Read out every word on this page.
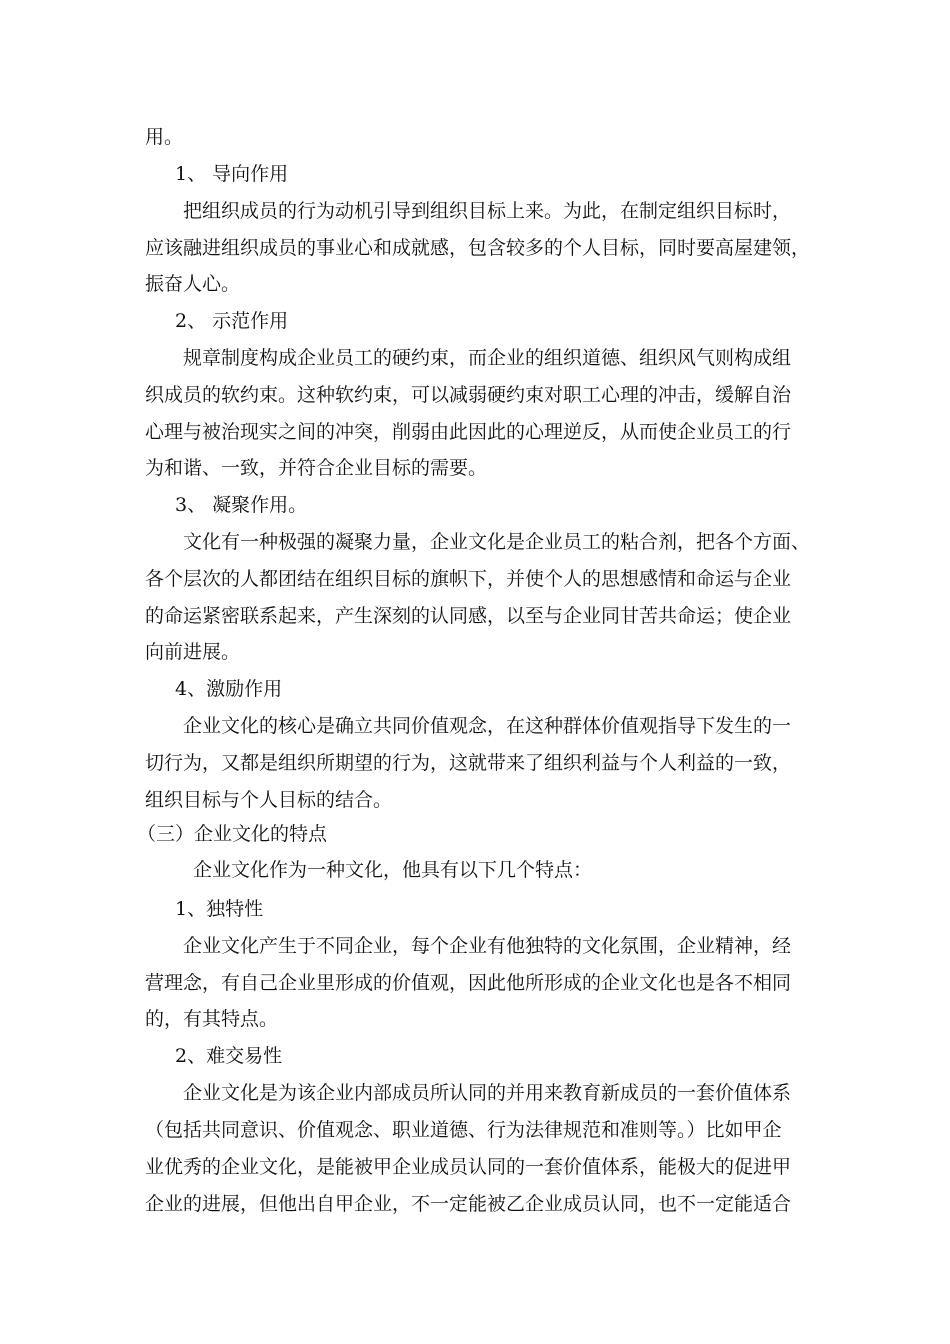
用。
1、 导向作用
把组织成员的行为动机引导到组织目标上来。为此，在制定组织目标时，
应该融进组织成员的事业心和成就感，包含较多的个人目标，同时要高屋建领，
振奋人心。
2、 示范作用
规章制度构成企业员工的硬约束，而企业的组织道德、组织风气则构成组
织成员的软约束。这种软约束，可以减弱硬约束对职工心理的冲击，缓解自治
心理与被治现实之间的冲突，削弱由此因此的心理逆反，从而使企业员工的行
为和谐、一致，并符合企业目标的需要。
3、 凝聚作用。
文化有一种极强的凝聚力量，企业文化是企业员工的粘合剂，把各个方面、
各个层次的人都团结在组织目标的旗帜下，并使个人的思想感情和命运与企业
的命运紧密联系起来，产生深刻的认同感，以至与企业同甘苦共命运；使企业
向前进展。
4、激励作用
企业文化的核心是确立共同价值观念，在这种群体价值观指导下发生的一
切行为，又都是组织所期望的行为，这就带来了组织利益与个人利益的一致，
组织目标与个人目标的结合。
（三）企业文化的特点
企业文化作为一种文化，他具有以下几个特点：
1、独特性
企业文化产生于不同企业，每个企业有他独特的文化氛围，企业精神，经
营理念，有自己企业里形成的价值观，因此他所形成的企业文化也是各不相同
的，有其特点。
2、难交易性
企业文化是为该企业内部成员所认同的并用来教育新成员的一套价值体系
（包括共同意识、价值观念、职业道德、行为法律规范和准则等。）比如甲企
业优秀的企业文化，是能被甲企业成员认同的一套价值体系，能极大的促进甲
企业的进展，但他出自甲企业，不一定能被乙企业成员认同，也不一定能适合
